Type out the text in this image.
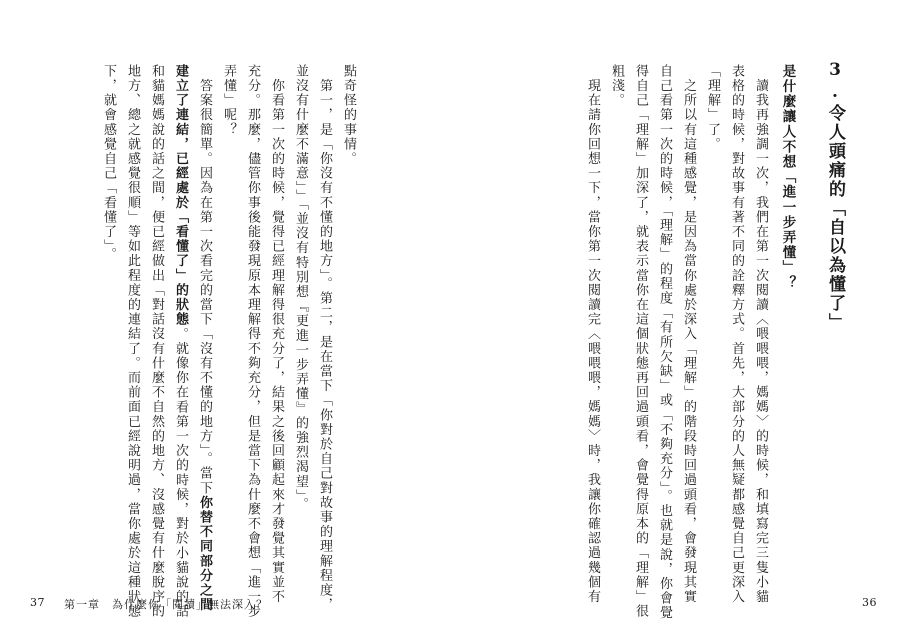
點奇怪的事情。
　第一，是「你沒有不懂的地方」。第二，是在當下「你對於自己對故事的理解程度，
並沒有什麼不滿意」」「並沒有特別想『更進一步弄懂』的強烈渴望」。
　你看第一次的時候，覺得已經理解得很充分了，結果之後回顧起來才發覺其實並不
充分。那麼，儘管你事後能發現原本理解得不夠充分，但是當下為什麼不會想「進一步
弄懂」呢？
　答案很簡單。因為在第一次看完的當下「沒有不懂的地方」。當下你替不同部分之間
建立了連結，已經處於「看懂了」的狀態。就像你在看第一次的時候，對於小貓說的話
和貓媽媽說的話之間，便已經做出「對話沒有什麼不自然的地方、沒感覺有什麼脫序的
地方、總之就感覺很順」等如此程度的連結了。而前面已經說明過，當你處於這種狀態
下，就會感覺自己「看懂了」。
37 第一章　為什麼你「閱讀」無法深入？
3.令人頭痛的「自以為懂了」
是什麼讓人不想「進一步弄懂」？
　讀我再強調一次，我們在第一次閱讀〈喂喂喂，媽媽〉的時候，和填寫完三隻小貓
表格的時候，對故事有著不同的詮釋方式。首先，大部分的人無疑都感覺自己更深入
「理解」了。
　之所以有這種感覺，是因為當你處於深入「理解」的階段時回過頭看，會發現其實
自己看第一次的時候，「理解」的程度「有所欠缺」或「不夠充分」。也就是說，你會覺
得自己「理解」加深了，就表示當你在這個狀態再回過頭看，會覺得原本的「理解」很
粗淺。
　現在請你回想一下，當你第一次閱讀完〈喂喂喂，媽媽〉時，我讓你確認過幾個有	36
